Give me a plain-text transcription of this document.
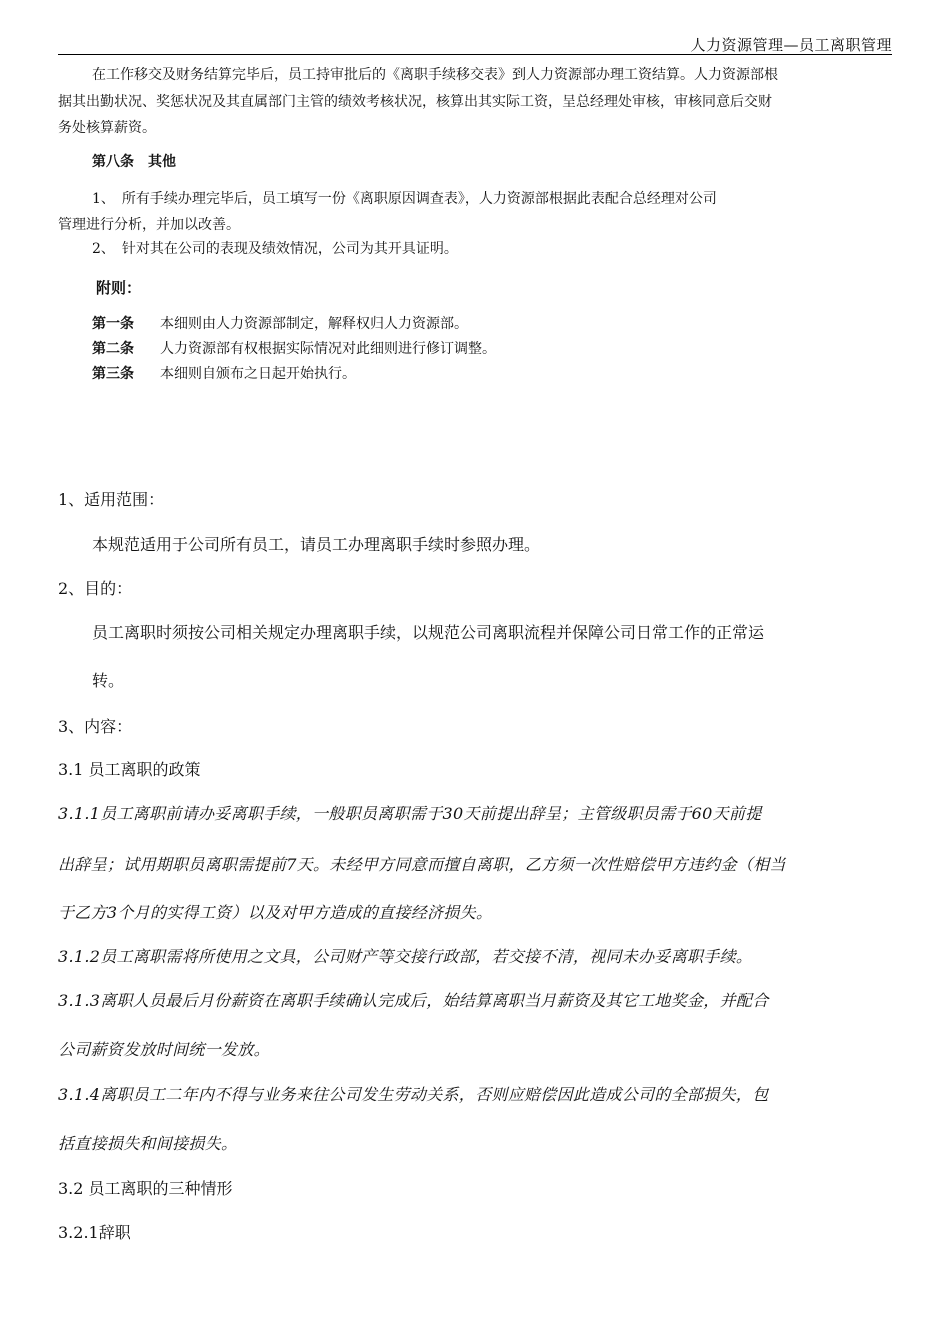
人力资源管理—员工离职管理
在工作移交及财务结算完毕后，员工持审批后的《离职手续移交表》到人力资源部办理工资结算。人力资源部根
据其出勤状况、奖惩状况及其直属部门主管的绩效考核状况，核算出其实际工资，呈总经理处审核，审核同意后交财
务处核算薪资。
第八条　其他
1、　所有手续办理完毕后，员工填写一份《离职原因调查表》，人力资源部根据此表配合总经理对公司
管理进行分析，并加以改善。
2、　针对其在公司的表现及绩效情况，公司为其开具证明。
附则：
第一条 本细则由人力资源部制定，解释权归人力资源部。
第二条 人力资源部有权根据实际情况对此细则进行修订调整。
第三条 本细则自颁布之日起开始执行。
1、适用范围：
本规范适用于公司所有员工，请员工办理离职手续时参照办理。
2、目的：
员工离职时须按公司相关规定办理离职手续，以规范公司离职流程并保障公司日常工作的正常运
转。
3、内容：
3.1 员工离职的政策
3.1.1员工离职前请办妥离职手续，一般职员离职需于30天前提出辞呈；主管级职员需于60天前提
出辞呈；试用期职员离职需提前7天。未经甲方同意而擅自离职，乙方须一次性赔偿甲方违约金（相当
于乙方3个月的实得工资）以及对甲方造成的直接经济损失。
3.1.2员工离职需将所使用之文具，公司财产等交接行政部，若交接不清，视同未办妥离职手续。
3.1.3离职人员最后月份薪资在离职手续确认完成后，始结算离职当月薪资及其它工地奖金，并配合
公司薪资发放时间统一发放。
3.1.4离职员工二年内不得与业务来往公司发生劳动关系，否则应赔偿因此造成公司的全部损失，包
括直接损失和间接损失。
3.2 员工离职的三种情形
3.2.1辞职
